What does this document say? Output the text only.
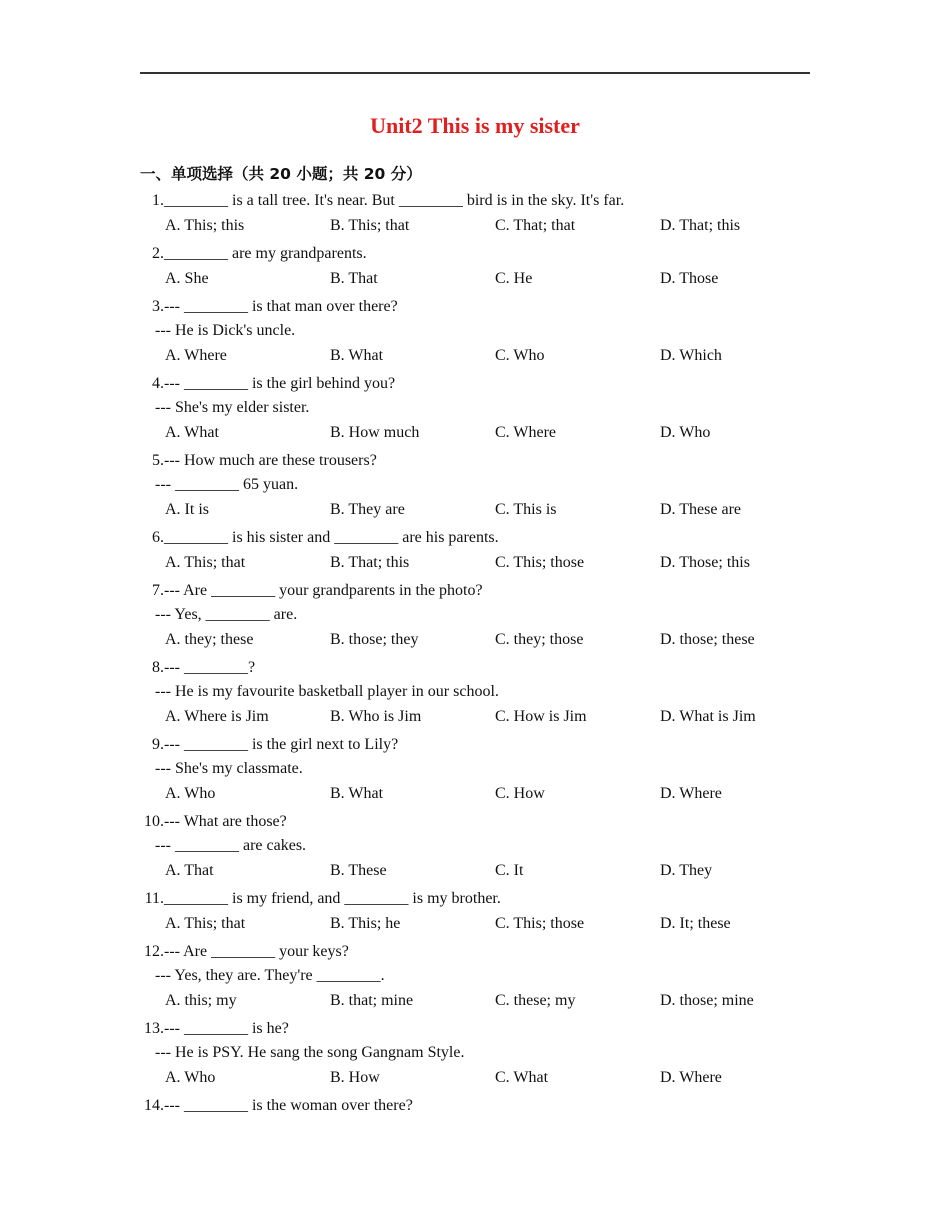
Unit2 This is my sister
一、单项选择（共 20 小题；共 20 分）
1. ________ is a tall tree. It's near. But ________ bird is in the sky. It's far.
A. This; this	B. This; that	C. That; that	D. That; this
2. ________ are my grandparents.
A. She	B. That	C. He	D. Those
3. --- ________ is that man over there?
--- He is Dick's uncle.
A. Where	B. What	C. Who	D. Which
4. --- ________ is the girl behind you?
--- She's my elder sister.
A. What	B. How much	C. Where	D. Who
5. --- How much are these trousers?
--- ________ 65 yuan.
A. It is	B. They are	C. This is	D. These are
6. ________ is his sister and ________ are his parents.
A. This; that	B. That; this	C. This; those	D. Those; this
7. --- Are ________ your grandparents in the photo?
--- Yes, ________ are.
A. they; these	B. those; they	C. they; those	D. those; these
8. --- ________?
--- He is my favourite basketball player in our school.
A. Where is Jim	B. Who is Jim	C. How is Jim	D. What is Jim
9. --- ________ is the girl next to Lily?
--- She's my classmate.
A. Who	B. What	C. How	D. Where
10. --- What are those?
--- ________ are cakes.
A. That	B. These	C. It	D. They
11. ________ is my friend, and ________ is my brother.
A. This; that	B. This; he	C. This; those	D. It; these
12. --- Are ________ your keys?
--- Yes, they are. They're ________.
A. this; my	B. that; mine	C. these; my	D. those; mine
13. --- ________ is he?
--- He is PSY. He sang the song Gangnam Style.
A. Who	B. How	C. What	D. Where
14. --- ________ is the woman over there?
